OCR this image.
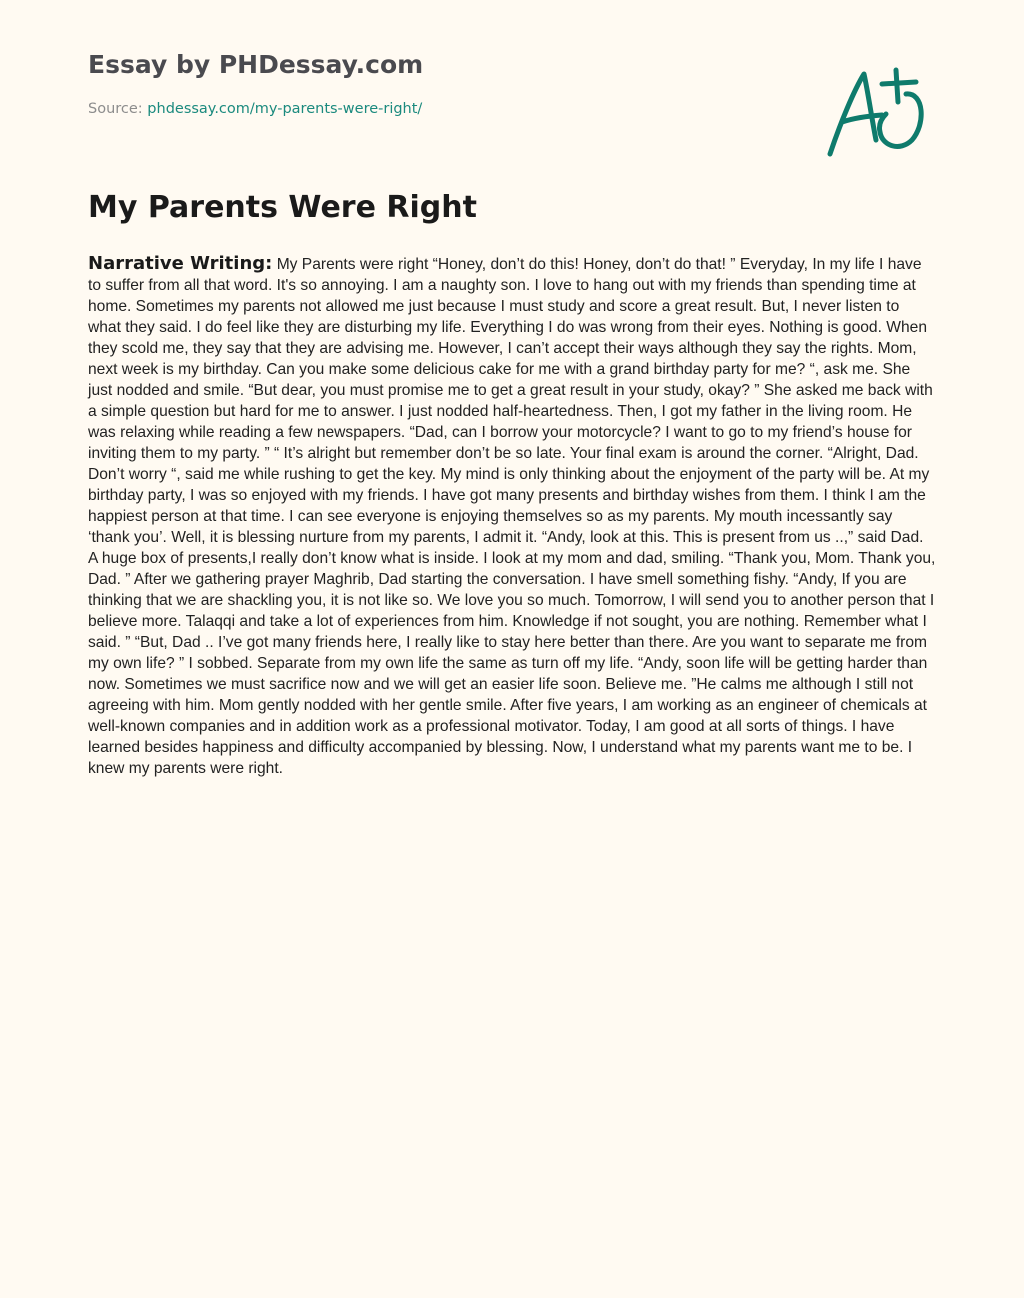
Essay by PHDessay.com
Source: phdessay.com/my-parents-were-right/
My Parents Were Right

Narrative Writing: My Parents were right “Honey, don’t do this! Honey, don’t do that! ” Everyday, In my life I have to suffer from all that word. It's so annoying. I am a naughty son. I love to hang out with my friends than spending time at home. Sometimes my parents not allowed me just because I must study and score a great result. But, I never listen to what they said. I do feel like they are disturbing my life. Everything I do was wrong from their eyes. Nothing is good. When they scold me, they say that they are advising me. However, I can’t accept their ways although they say the rights. Mom, next week is my birthday. Can you make some delicious cake for me with a grand birthday party for me? “, ask me. She just nodded and smile. “But dear, you must promise me to get a great result in your study, okay? ” She asked me back with a simple question but hard for me to answer. I just nodded half-heartedness. Then, I got my father in the living room. He was relaxing while reading a few newspapers. “Dad, can I borrow your motorcycle? I want to go to my friend’s house for inviting them to my party. ” “ It’s alright but remember don’t be so late. Your final exam is around the corner. “Alright, Dad. Don’t worry “, said me while rushing to get the key. My mind is only thinking about the enjoyment of the party will be. At my birthday party, I was so enjoyed with my friends. I have got many presents and birthday wishes from them. I think I am the happiest person at that time. I can see everyone is enjoying themselves so as my parents. My mouth incessantly say ‘thank you’. Well, it is blessing nurture from my parents, I admit it. “Andy, look at this. This is present from us ..,” said Dad. A huge box of presents,I really don’t know what is inside. I look at my mom and dad, smiling. “Thank you, Mom. Thank you, Dad. ” After we gathering prayer Maghrib, Dad starting the conversation. I have smell something fishy. “Andy, If you are thinking that we are shackling you, it is not like so. We love you so much. Tomorrow, I will send you to another person that I believe more. Talaqqi and take a lot of experiences from him. Knowledge if not sought, you are nothing. Remember what I said. ” “But, Dad .. I’ve got many friends here, I really like to stay here better than there. Are you want to separate me from my own life? ” I sobbed. Separate from my own life the same as turn off my life. “Andy, soon life will be getting harder than now. Sometimes we must sacrifice now and we will get an easier life soon. Believe me. ”He calms me although I still not agreeing with him. Mom gently nodded with her gentle smile. After five years, I am working as an engineer of chemicals at well-known companies and in addition work as a professional motivator. Today, I am good at all sorts of things. I have learned besides happiness and difficulty accompanied by blessing. Now, I understand what my parents want me to be. I knew my parents were right.
